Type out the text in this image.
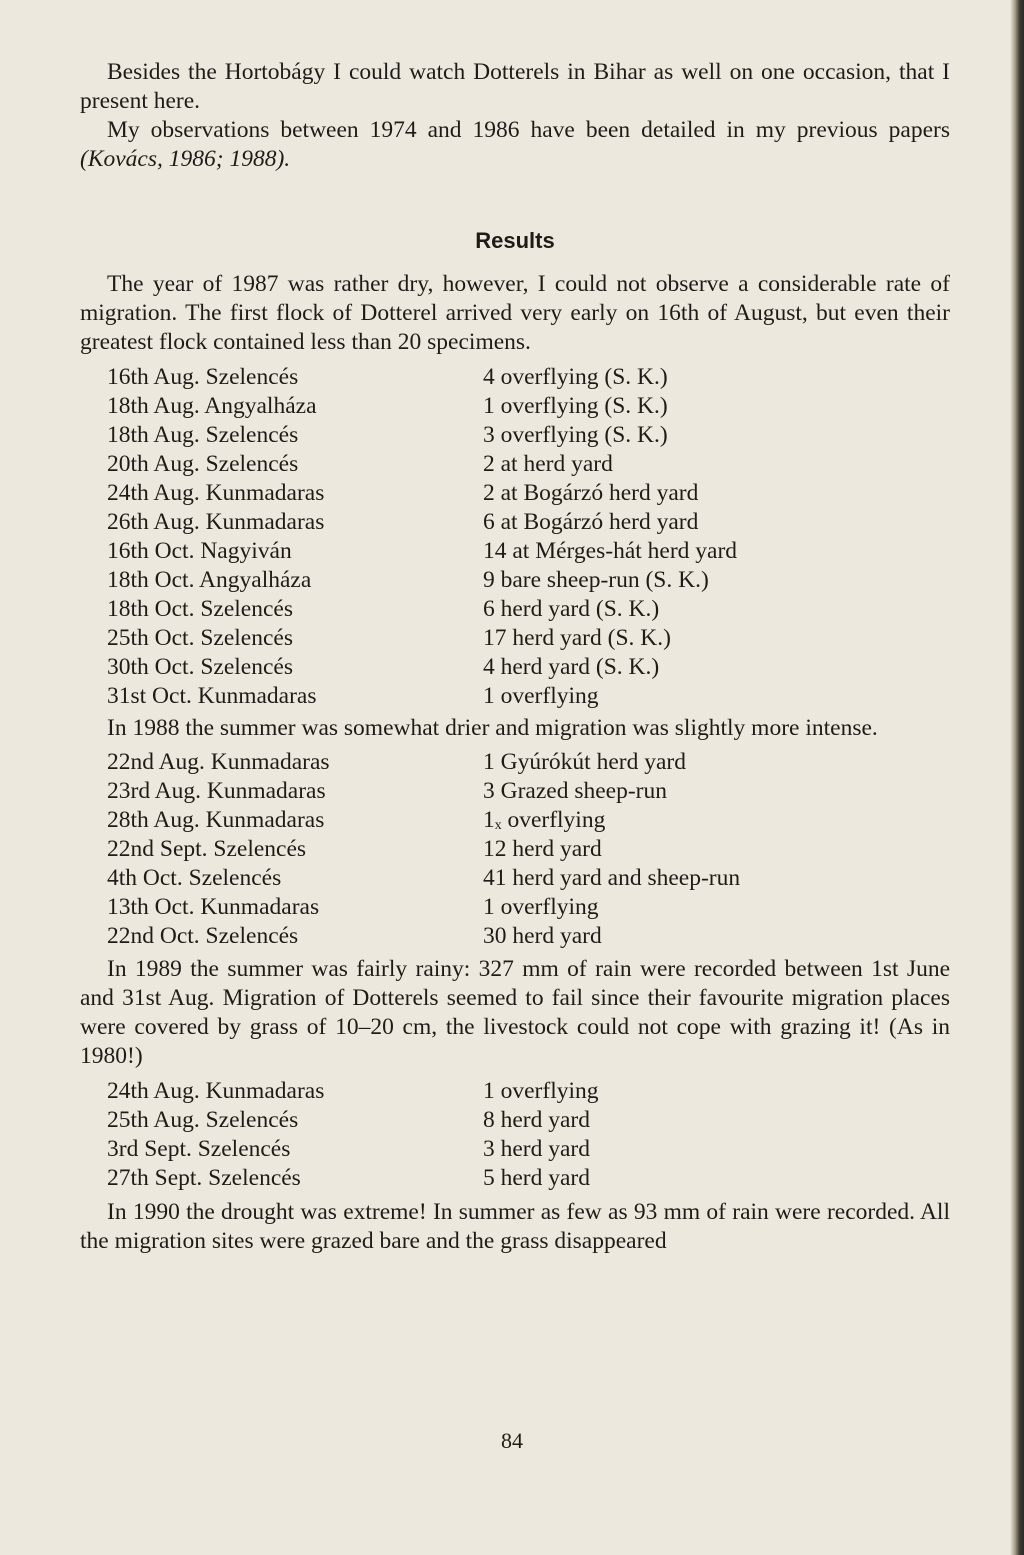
Besides the Hortobágy I could watch Dotterels in Bihar as well on one occasion, that I present here.

My observations between 1974 and 1986 have been detailed in my previous papers (Kovács, 1986; 1988).

Results

The year of 1987 was rather dry, however, I could not observe a considerable rate of migration. The first flock of Dotterel arrived very early on 16th of August, but even their greatest flock contained less than 20 specimens.

16th Aug. Szelencés	4 overflying (S. K.)
18th Aug. Angyalháza	1 overflying (S. K.)
18th Aug. Szelencés	3 overflying (S. K.)
20th Aug. Szelencés	2 at herd yard
24th Aug. Kunmadaras	2 at Bogárzó herd yard
26th Aug. Kunmadaras	6 at Bogárzó herd yard
16th Oct. Nagyiván	14 at Mérges-hát herd yard
18th Oct. Angyalháza	9 bare sheep-run (S. K.)
18th Oct. Szelencés	6 herd yard (S. K.)
25th Oct. Szelencés	17 herd yard (S. K.)
30th Oct. Szelencés	4 herd yard (S. K.)
31st Oct. Kunmadaras	1 overflying

In 1988 the summer was somewhat drier and migration was slightly more intense.

22nd Aug. Kunmadaras	1 Gyúrókút herd yard
23rd Aug. Kunmadaras	3 Grazed sheep-run
28th Aug. Kunmadaras	1ₓ overflying
22nd Sept. Szelencés	12 herd yard
4th Oct. Szelencés	41 herd yard and sheep-run
13th Oct. Kunmadaras	1 overflying
22nd Oct. Szelencés	30 herd yard

In 1989 the summer was fairly rainy: 327 mm of rain were recorded between 1st June and 31st Aug. Migration of Dotterels seemed to fail since their favourite migration places were covered by grass of 10–20 cm, the livestock could not cope with grazing it! (As in 1980!)

24th Aug. Kunmadaras	1 overflying
25th Aug. Szelencés	8 herd yard
3rd Sept. Szelencés	3 herd yard
27th Sept. Szelencés	5 herd yard

In 1990 the drought was extreme! In summer as few as 93 mm of rain were recorded. All the migration sites were grazed bare and the grass disappeared

84
